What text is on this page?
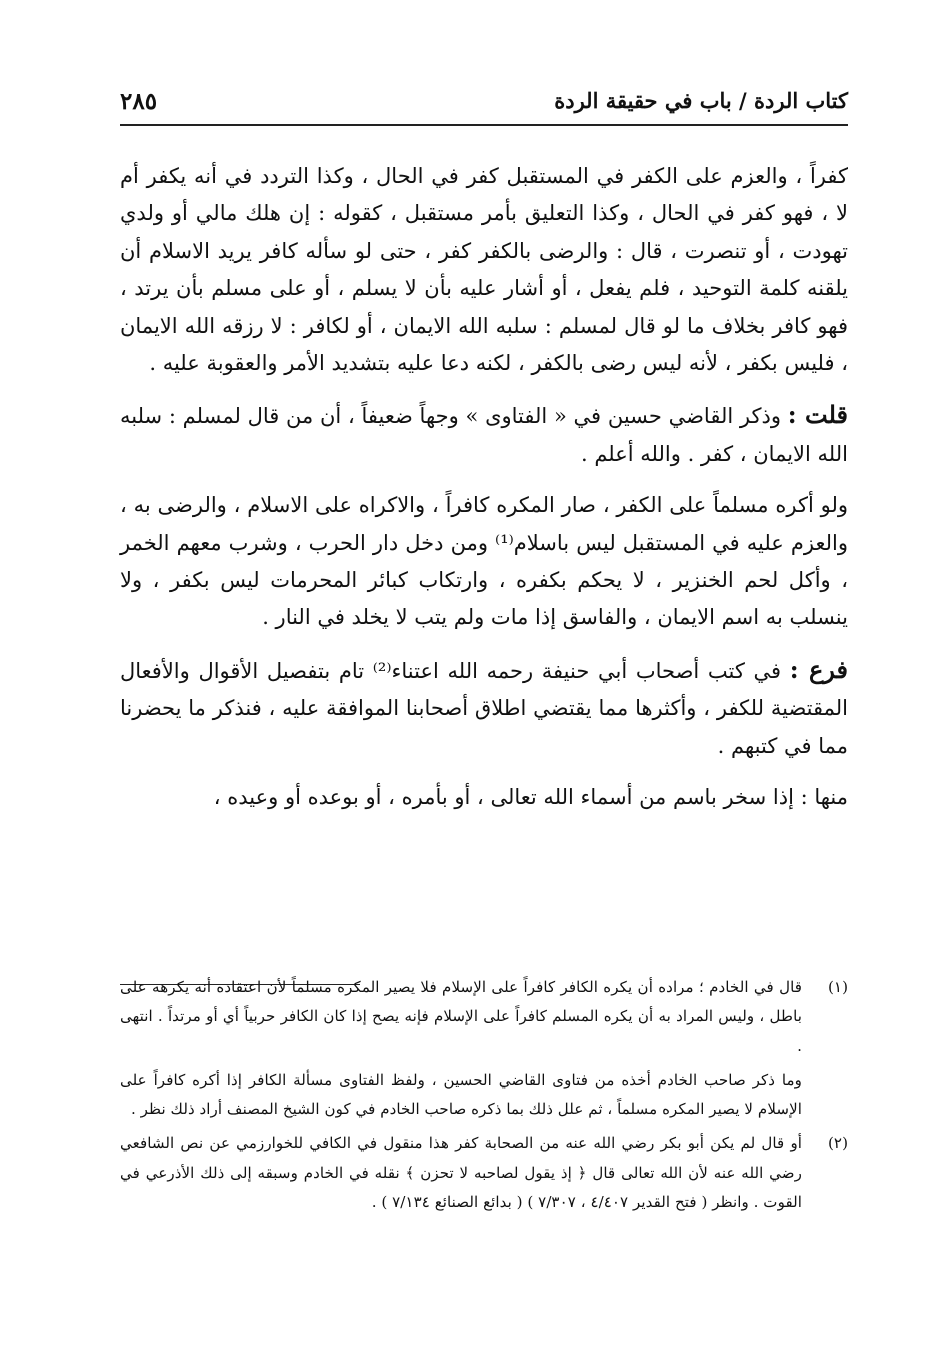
كتاب الردة / باب في حقيقة الردة
٢٨٥

كفراً ، والعزم على الكفر في المستقبل كفر في الحال ، وكذا التردد في أنه يكفر أم لا ، فهو كفر في الحال ، وكذا التعليق بأمر مستقبل ، كقوله : إن هلك مالي أو ولدي تهودت ، أو تنصرت ، قال : والرضى بالكفر كفر ، حتى لو سأله كافر يريد الاسلام أن يلقنه كلمة التوحيد ، فلم يفعل ، أو أشار عليه بأن لا يسلم ، أو على مسلم بأن يرتد ، فهو كافر بخلاف ما لو قال لمسلم : سلبه الله الايمان ، أو لكافر : لا رزقه الله الايمان ، فليس بكفر ، لأنه ليس رضى بالكفر ، لكنه دعا عليه بتشديد الأمر والعقوبة عليه .

قلت : وذكر القاضي حسين في « الفتاوى » وجهاً ضعيفاً ، أن من قال لمسلم : سلبه الله الايمان ، كفر . والله أعلم .

ولو أكره مسلماً على الكفر ، صار المكره كافراً ، والاكراه على الاسلام ، والرضى به ، والعزم عليه في المستقبل ليس باسلام⁽¹⁾ ومن دخل دار الحرب ، وشرب معهم الخمر ، وأكل لحم الخنزير ، لا يحكم بكفره ، وارتكاب كبائر المحرمات ليس بكفر ، ولا ينسلب به اسم الايمان ، والفاسق إذا مات ولم يتب لا يخلد في النار .

فرع : في كتب أصحاب أبي حنيفة رحمه الله اعتناء⁽²⁾ تام بتفصيل الأقوال والأفعال المقتضية للكفر ، وأكثرها مما يقتضي اطلاق أصحابنا الموافقة عليه ، فنذكر ما يحضرنا مما في كتبهم .

منها : إذا سخر باسم من أسماء الله تعالى ، أو بأمره ، أو بوعده أو وعيده ،

(١)

قال في الخادم ؛ مراده أن يكره الكافر كافراً على الإسلام فلا يصير المكره مسلماً لأن اعتقاده أنه يكرهه على باطل ، وليس المراد به أن يكره المسلم كافراً على الإسلام فإنه يصح إذا كان الكافر حربياً أي أو مرتداً . انتهى .

وما ذكر صاحب الخادم أخذه من فتاوى القاضي الحسين ، ولفظ الفتاوى مسألة الكافر إذا أكره كافراً على الإسلام لا يصير المكره مسلماً ، ثم علل ذلك بما ذكره صاحب الخادم في كون الشيخ المصنف أراد ذلك نظر .

(٢)

أو قال لم يكن أبو بكر رضي الله عنه من الصحابة كفر هذا منقول في الكافي للخوارزمي عن نص الشافعي رضي الله عنه لأن الله تعالى قال ﴿ إذ يقول لصاحبه لا تحزن ﴾ نقله في الخادم وسبقه إلى ذلك الأذرعي في القوت . وانظر ( فتح القدير ٤/٤٠٧ ، ٧/٣٠٧ ) ( بدائع الصنائع ٧/١٣٤ ) .
